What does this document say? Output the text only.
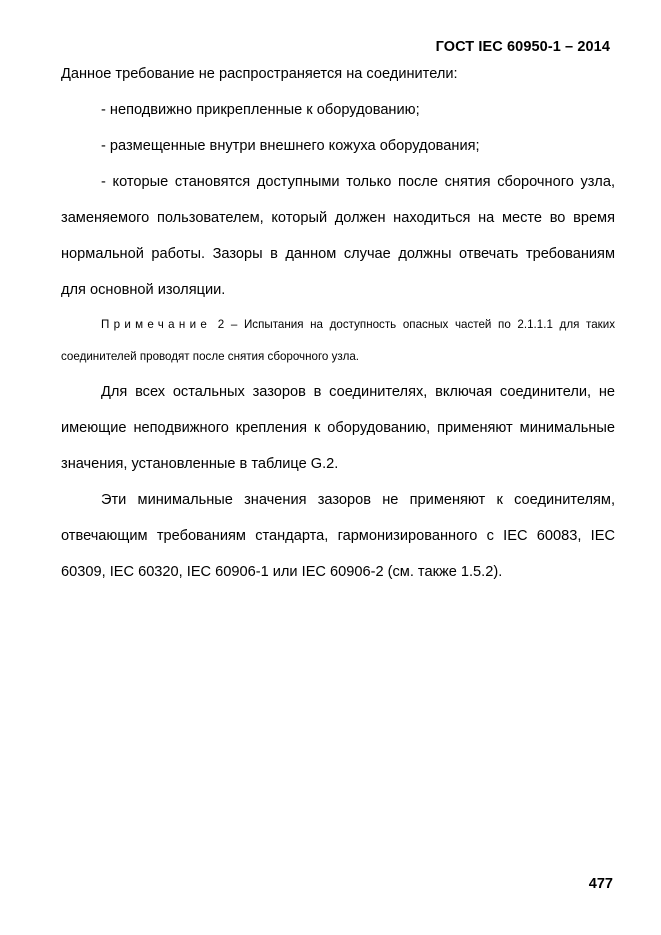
ГОСТ IEC 60950-1 – 2014

Данное требование не распространяется на соединители:

- неподвижно прикрепленные к оборудованию;

- размещенные внутри внешнего кожуха оборудования;

- которые становятся доступными только после снятия сборочного узла, заменяемого пользователем, который должен находиться на месте во время нормальной работы. Зазоры в данном случае должны отвечать требованиям для основной изоляции.

Примечание 2 – Испытания на доступность опасных частей по 2.1.1.1 для таких соединителей проводят после снятия сборочного узла.

Для всех остальных зазоров в соединителях, включая соединители, не имеющие неподвижного крепления к оборудованию, применяют минимальные значения, установленные в таблице G.2.

Эти минимальные значения зазоров не применяют к соединителям, отвечающим требованиям стандарта, гармонизированного с IEC 60083, IEC 60309, IEC 60320, IEC 60906-1 или IEC 60906-2 (см. также 1.5.2).

477
